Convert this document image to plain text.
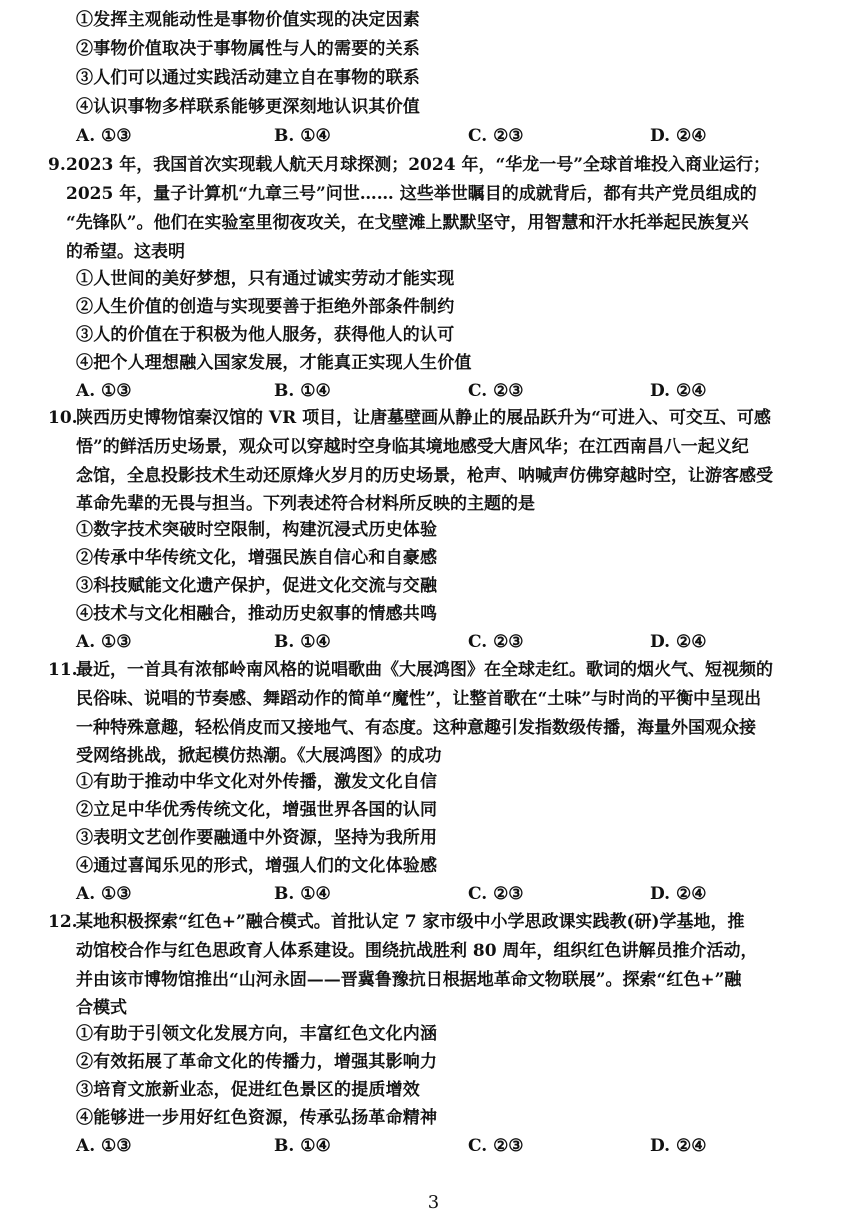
①发挥主观能动性是事物价值实现的决定因素
②事物价值取决于事物属性与人的需要的关系
③人们可以通过实践活动建立自在事物的联系
④认识事物多样联系能够更深刻地认识其价值
A. ①③	B. ①④	C. ②③	D. ②④
9. 2023 年，我国首次实现载人航天月球探测；2024 年，“华龙一号”全球首堆投入商业运行；
2025 年，量子计算机“九章三号”问世…… 这些举世瞩目的成就背后，都有共产党员组成的
“先锋队”。他们在实验室里彻夜攻关，在戈壁滩上默默坚守，用智慧和汗水托举起民族复兴
的希望。这表明
①人世间的美好梦想，只有通过诚实劳动才能实现
②人生价值的创造与实现要善于拒绝外部条件制约
③人的价值在于积极为他人服务，获得他人的认可
④把个人理想融入国家发展，才能真正实现人生价值
A. ①③	B. ①④	C. ②③	D. ②④
10.
陕西历史博物馆秦汉馆的 VR 项目，让唐墓壁画从静止的展品跃升为“可进入、可交互、可感
悟”的鲜活历史场景，观众可以穿越时空身临其境地感受大唐风华；在江西南昌八一起义纪
念馆，全息投影技术生动还原烽火岁月的历史场景，枪声、呐喊声仿佛穿越时空，让游客感受
革命先辈的无畏与担当。下列表述符合材料所反映的主题的是
①数字技术突破时空限制，构建沉浸式历史体验
②传承中华传统文化，增强民族自信心和自豪感
③科技赋能文化遗产保护，促进文化交流与交融
④技术与文化相融合，推动历史叙事的情感共鸣
A. ①③	B. ①④	C. ②③	D. ②④
11.
最近，一首具有浓郁岭南风格的说唱歌曲《大展鸿图》在全球走红。歌词的烟火气、短视频的
民俗味、说唱的节奏感、舞蹈动作的简单“魔性”，让整首歌在“土味”与时尚的平衡中呈现出
一种特殊意趣，轻松俏皮而又接地气、有态度。这种意趣引发指数级传播，海量外国观众接
受网络挑战，掀起模仿热潮。《大展鸿图》的成功
①有助于推动中华文化对外传播，激发文化自信
②立足中华优秀传统文化，增强世界各国的认同
③表明文艺创作要融通中外资源，坚持为我所用
④通过喜闻乐见的形式，增强人们的文化体验感
A. ①③	B. ①④	C. ②③	D. ②④
12.
某地积极探索“红色+”融合模式。首批认定 7 家市级中小学思政课实践教(研)学基地，推
动馆校合作与红色思政育人体系建设。围绕抗战胜利 80 周年，组织红色讲解员推介活动，
并由该市博物馆推出“山河永固——晋冀鲁豫抗日根据地革命文物联展”。探索“红色+”融
合模式
①有助于引领文化发展方向，丰富红色文化内涵
②有效拓展了革命文化的传播力，增强其影响力
③培育文旅新业态，促进红色景区的提质增效
④能够进一步用好红色资源，传承弘扬革命精神
A. ①③	B. ①④	C. ②③	D. ②④
3
